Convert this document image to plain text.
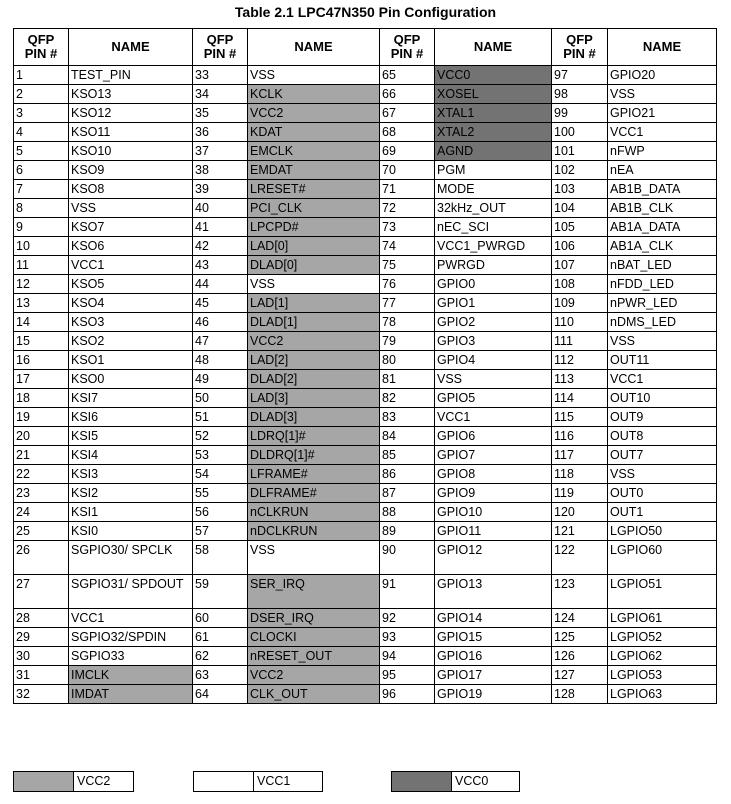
Table 2.1 LPC47N350 Pin Configuration
QFP PIN #	NAME	QFP PIN #	NAME	QFP PIN #	NAME	QFP PIN #	NAME
1	TEST_PIN	33	VSS	65	VCC0	97	GPIO20
2	KSO13	34	KCLK	66	XOSEL	98	VSS
3	KSO12	35	VCC2	67	XTAL1	99	GPIO21
4	KSO11	36	KDAT	68	XTAL2	100	VCC1
5	KSO10	37	EMCLK	69	AGND	101	nFWP
6	KSO9	38	EMDAT	70	PGM	102	nEA
7	KSO8	39	LRESET#	71	MODE	103	AB1B_DATA
8	VSS	40	PCI_CLK	72	32kHz_OUT	104	AB1B_CLK
9	KSO7	41	LPCPD#	73	nEC_SCI	105	AB1A_DATA
10	KSO6	42	LAD[0]	74	VCC1_PWRGD	106	AB1A_CLK
11	VCC1	43	DLAD[0]	75	PWRGD	107	nBAT_LED
12	KSO5	44	VSS	76	GPIO0	108	nFDD_LED
13	KSO4	45	LAD[1]	77	GPIO1	109	nPWR_LED
14	KSO3	46	DLAD[1]	78	GPIO2	110	nDMS_LED
15	KSO2	47	VCC2	79	GPIO3	111	VSS
16	KSO1	48	LAD[2]	80	GPIO4	112	OUT11
17	KSO0	49	DLAD[2]	81	VSS	113	VCC1
18	KSI7	50	LAD[3]	82	GPIO5	114	OUT10
19	KSI6	51	DLAD[3]	83	VCC1	115	OUT9
20	KSI5	52	LDRQ[1]#	84	GPIO6	116	OUT8
21	KSI4	53	DLDRQ[1]#	85	GPIO7	117	OUT7
22	KSI3	54	LFRAME#	86	GPIO8	118	VSS
23	KSI2	55	DLFRAME#	87	GPIO9	119	OUT0
24	KSI1	56	nCLKRUN	88	GPIO10	120	OUT1
25	KSI0	57	nDCLKRUN	89	GPIO11	121	LGPIO50
26	SGPIO30/ SPCLK	58	VSS	90	GPIO12	122	LGPIO60
27	SGPIO31/ SPDOUT	59	SER_IRQ	91	GPIO13	123	LGPIO51
28	VCC1	60	DSER_IRQ	92	GPIO14	124	LGPIO61
29	SGPIO32/SPDIN	61	CLOCKI	93	GPIO15	125	LGPIO52
30	SGPIO33	62	nRESET_OUT	94	GPIO16	126	LGPIO62
31	IMCLK	63	VCC2	95	GPIO17	127	LGPIO53
32	IMDAT	64	CLK_OUT	96	GPIO19	128	LGPIO63
VCC2	VCC1	VCC0
